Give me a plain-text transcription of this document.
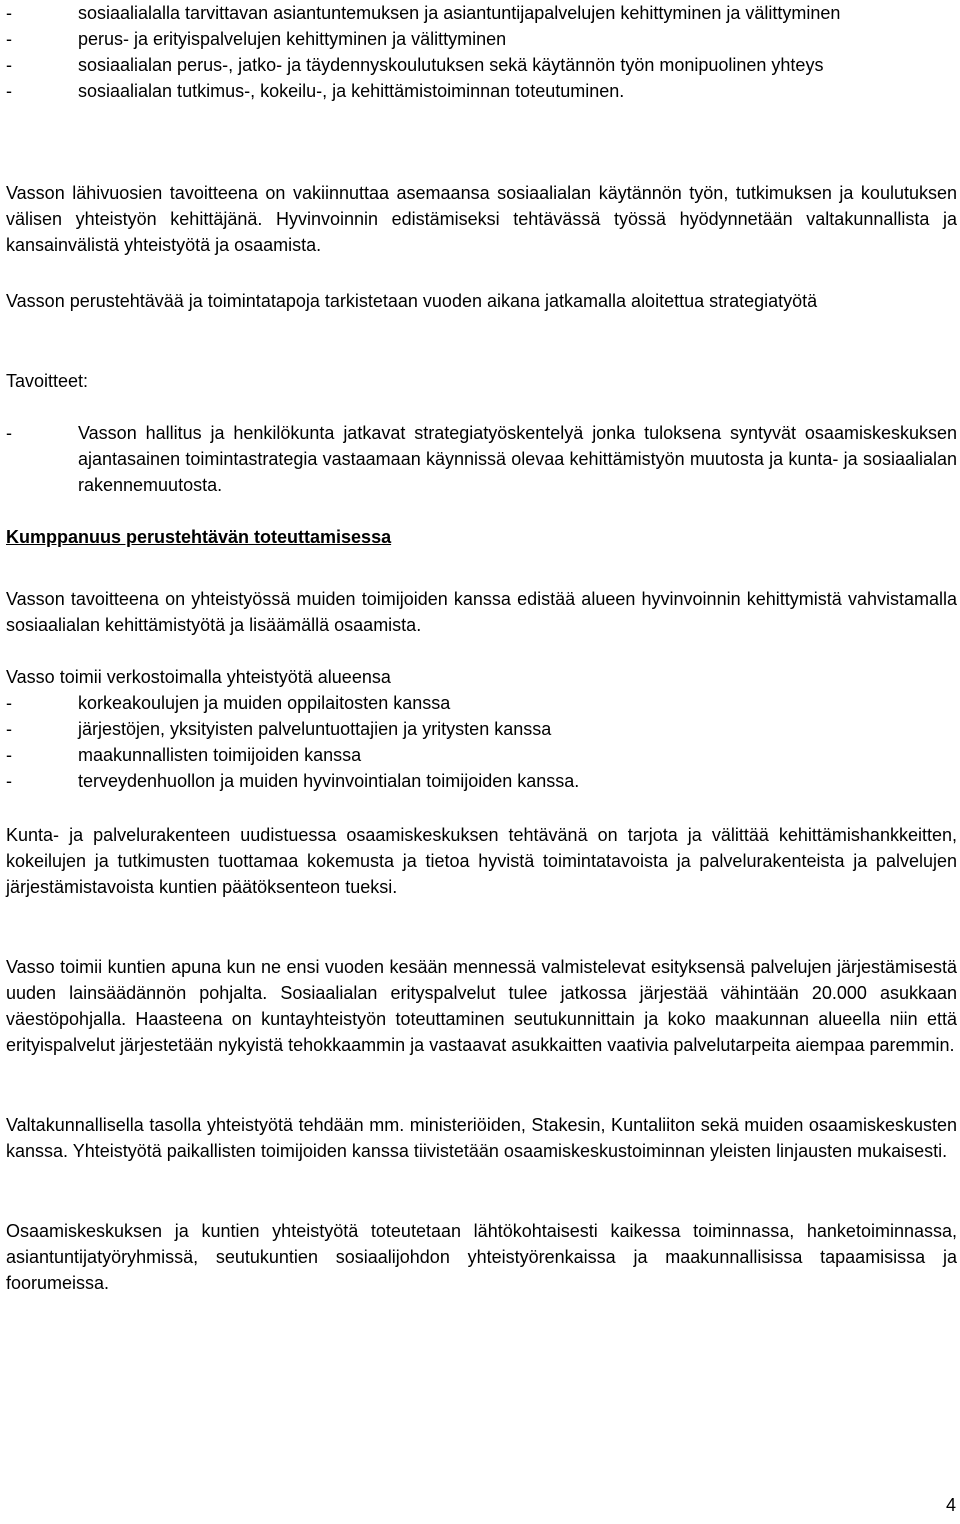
-	sosiaalialalla tarvittavan asiantuntemuksen ja asiantuntijapalvelujen kehittyminen ja välittyminen
-	perus- ja erityispalvelujen kehittyminen ja välittyminen
-	sosiaalialan perus-, jatko- ja täydennyskoulutuksen sekä käytännön työn monipuolinen yhteys
-	sosiaalialan tutkimus-, kokeilu-, ja kehittämistoiminnan toteutuminen.

Vasson lähivuosien tavoitteena on vakiinnuttaa asemaansa sosiaalialan käytännön työn, tutkimuksen ja koulutuksen välisen yhteistyön kehittäjänä. Hyvinvoinnin edistämiseksi tehtävässä työssä hyödynnetään valtakunnallista ja kansainvälistä yhteistyötä ja osaamista.

Vasson perustehtävää ja toimintatapoja tarkistetaan vuoden aikana jatkamalla aloitettua strategiatyötä

Tavoitteet:

-	Vasson hallitus ja henkilökunta jatkavat strategiatyöskentelyä jonka tuloksena syntyvät osaamiskeskuksen ajantasainen toimintastrategia vastaamaan käynnissä olevaa kehittämistyön muutosta ja kunta- ja sosiaalialan rakennemuutosta.
Kumppanuus perustehtävän toteuttamisessa

Vasson tavoitteena on yhteistyössä muiden toimijoiden kanssa edistää alueen hyvinvoinnin kehittymistä vahvistamalla sosiaalialan kehittämistyötä ja lisäämällä osaamista.

Vasso toimii verkostoimalla yhteistyötä alueensa

-	korkeakoulujen ja muiden oppilaitosten kanssa
-	järjestöjen, yksityisten palveluntuottajien ja yritysten kanssa
-	maakunnallisten toimijoiden kanssa
-	terveydenhuollon ja muiden hyvinvointialan toimijoiden kanssa.

Kunta- ja palvelurakenteen uudistuessa osaamiskeskuksen tehtävänä on tarjota ja välittää kehittämishankkeitten, kokeilujen ja tutkimusten tuottamaa kokemusta ja tietoa hyvistä toimintatavoista ja palvelurakenteista ja palvelujen järjestämistavoista kuntien päätöksenteon tueksi.

Vasso toimii kuntien apuna kun ne ensi vuoden kesään mennessä valmistelevat esityksensä palvelujen järjestämisestä uuden lainsäädännön pohjalta. Sosiaalialan erityspalvelut tulee jatkossa järjestää vähintään 20.000 asukkaan väestöpohjalla. Haasteena on kuntayhteistyön toteuttaminen seutukunnittain ja koko maakunnan alueella niin että erityispalvelut järjestetään nykyistä tehokkaammin ja vastaavat asukkaitten vaativia palvelutarpeita aiempaa paremmin.

Valtakunnallisella tasolla yhteistyötä tehdään mm. ministeriöiden, Stakesin, Kuntaliiton sekä muiden osaamiskeskusten kanssa. Yhteistyötä paikallisten toimijoiden kanssa tiivistetään osaamiskeskustoiminnan yleisten linjausten mukaisesti.

Osaamiskeskuksen ja kuntien yhteistyötä toteutetaan lähtökohtaisesti kaikessa toiminnassa, hanketoiminnassa, asiantuntijatyöryhmissä, seutukuntien sosiaalijohdon yhteistyörenkaissa ja maakunnallisissa tapaamisissa ja foorumeissa.

4
